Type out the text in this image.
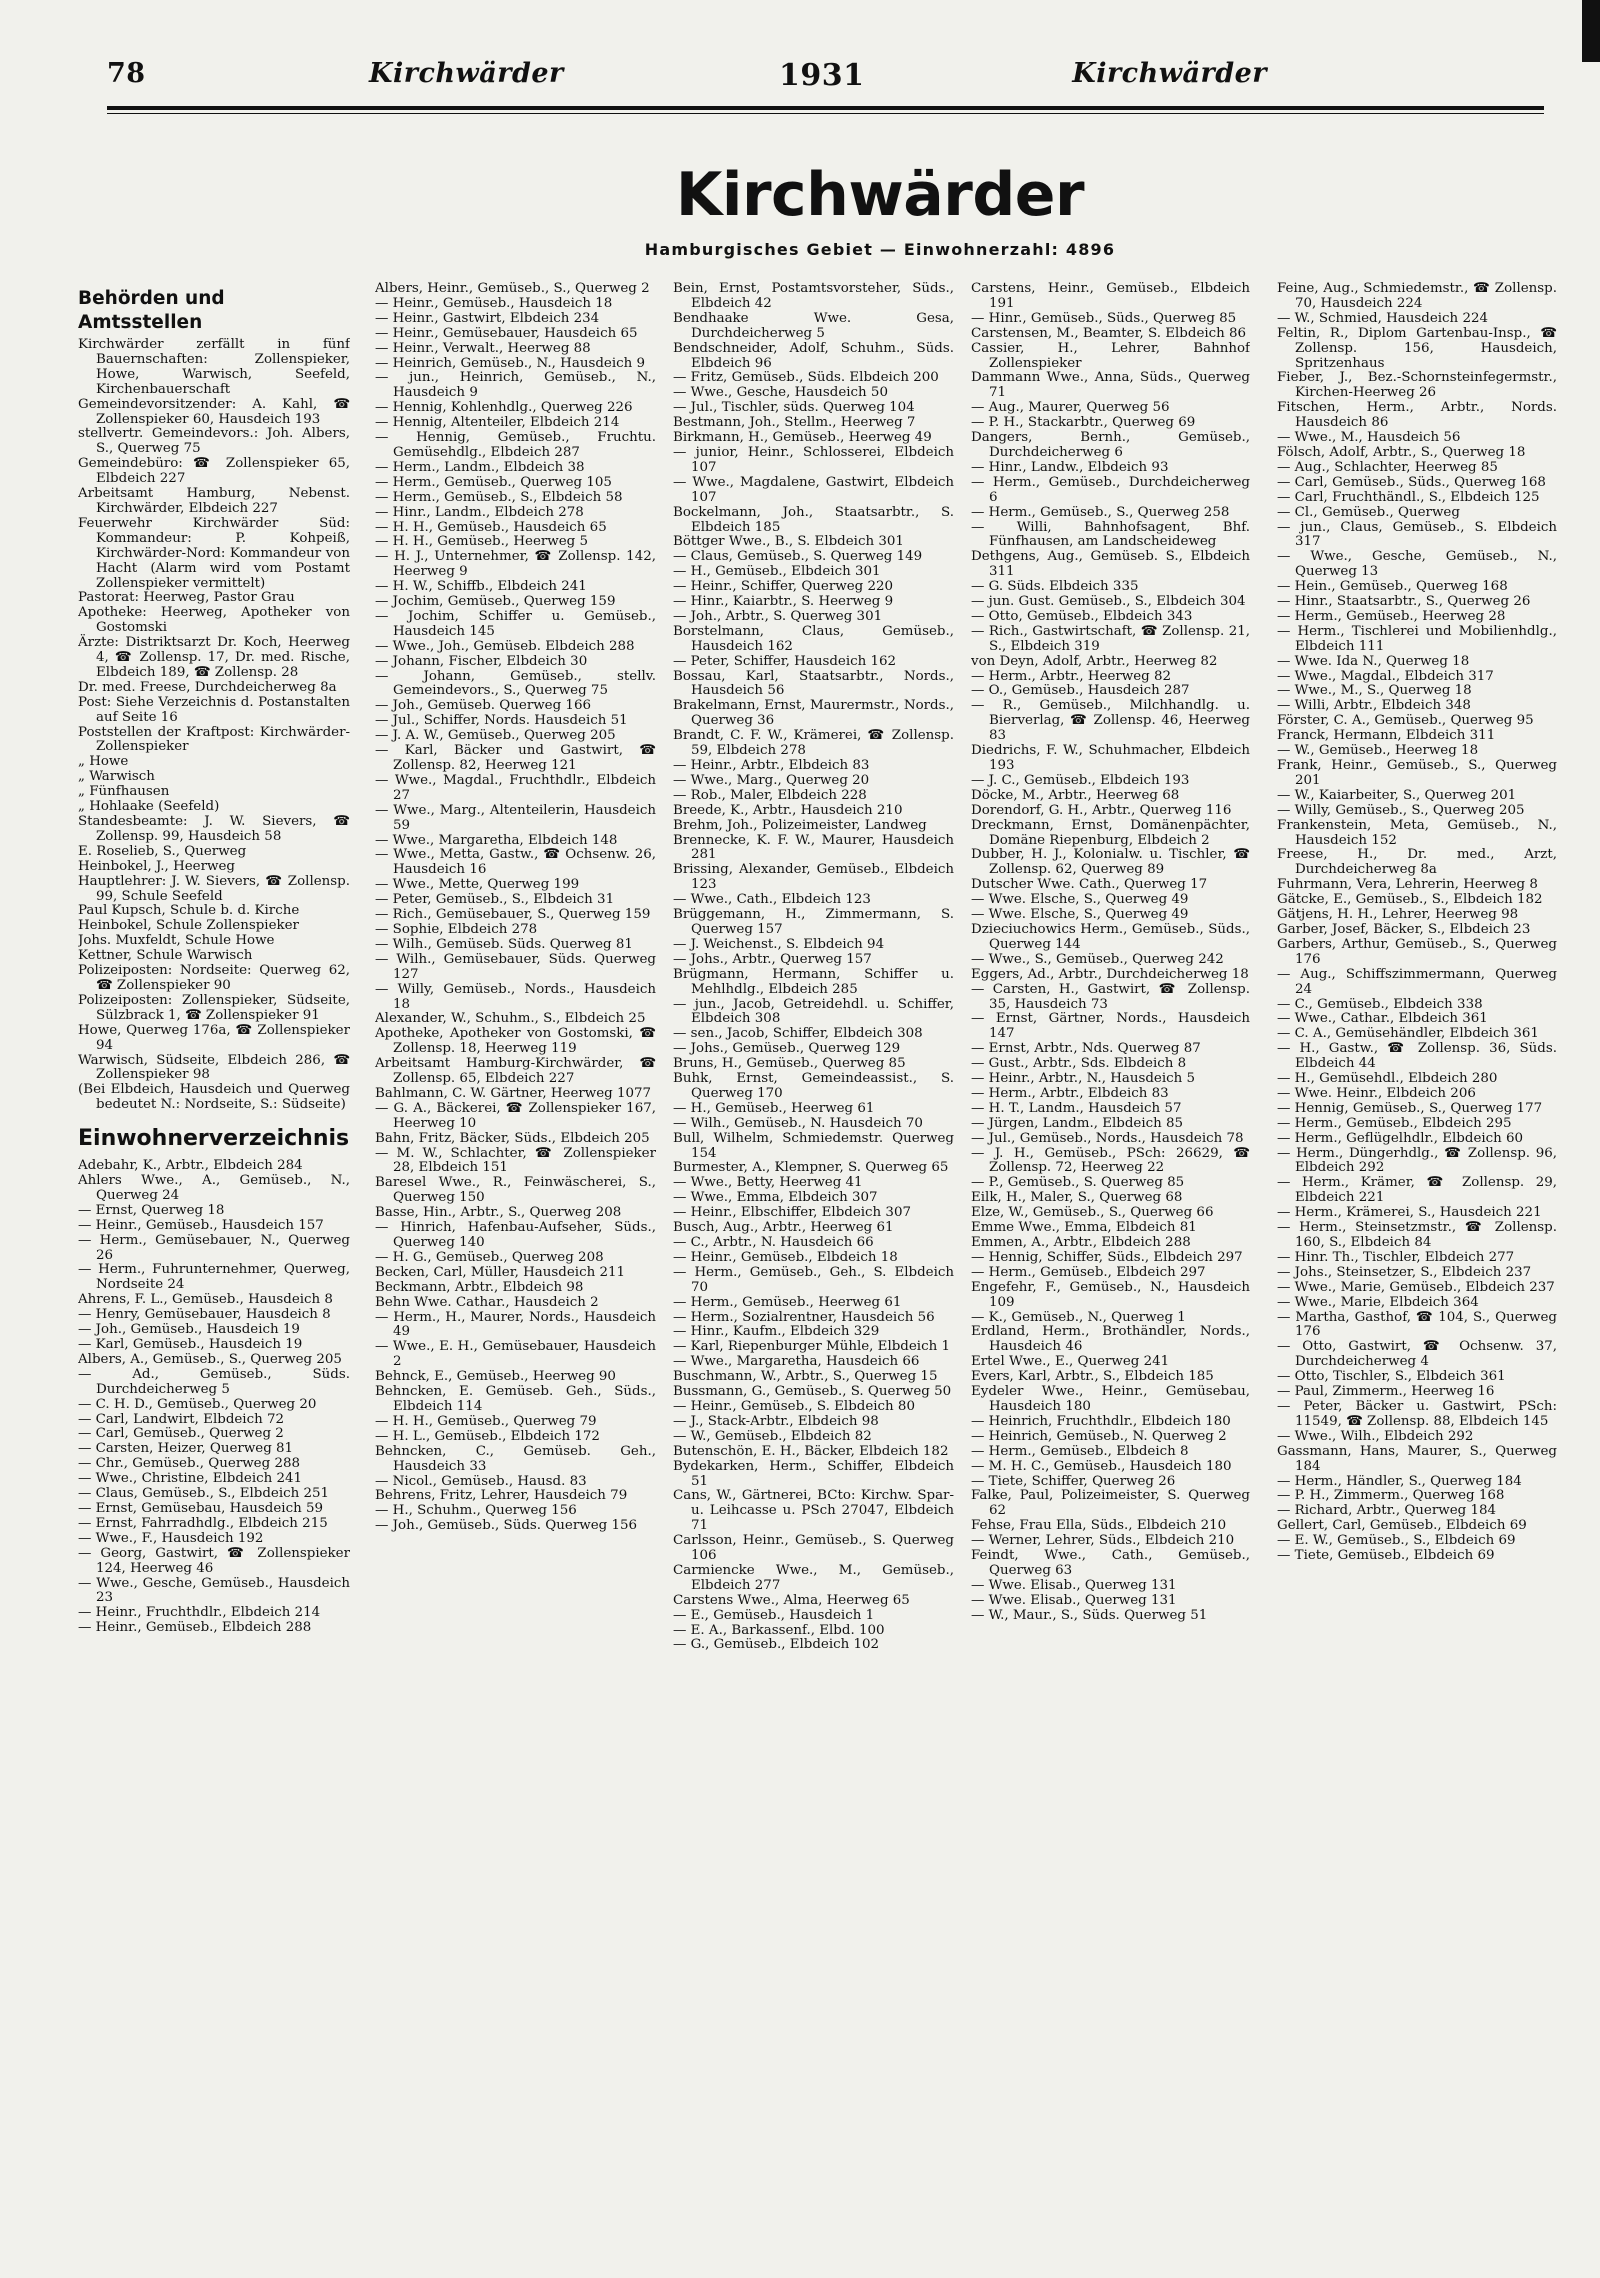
78	Kirchwärder	1931	Kirchwärder
Kirchwärder
Hamburgisches Gebiet — Einwohnerzahl: 4896
Behörden und Amtsstellen
Kirchwärder zerfällt in fünf Bauernschaften: Zollenspieker, Howe, Warwisch, Seefeld, Kirchenbauerschaft
Gemeindevorsitzender: A. Kahl, ☎ Zollenspieker 60, Hausdeich 193
stellvertr. Gemeindevors.: Joh. Albers, S., Querweg 75
Gemeindebüro: ☎ Zollenspieker 65, Elbdeich 227
Arbeitsamt Hamburg, Nebenst. Kirchwärder, Elbdeich 227
Feuerwehr Kirchwärder Süd: Kommandeur: P. Kohpeiß, Kirchwärder-Nord: Kommandeur von Hacht (Alarm wird vom Postamt Zollenspieker vermittelt)
Pastorat: Heerweg, Pastor Grau
Apotheke: Heerweg, Apotheker von Gostomski
Ärzte: Distriktsarzt Dr. Koch, Heerweg 4, ☎ Zollensp. 17, Dr. med. Rische, Elbdeich 189, ☎ Zollensp. 28
Dr. med. Freese, Durchdeicherweg 8a
Post: Siehe Verzeichnis d. Postanstalten auf Seite 16
Poststellen der Kraftpost: Kirchwärder-Zollenspieker
„ Howe
„ Warwisch
„ Fünfhausen
„ Hohlaake (Seefeld)
Standesbeamte: J. W. Sievers, ☎ Zollensp. 99, Hausdeich 58
E. Roselieb, S., Querweg
Heinbokel, J., Heerweg
Hauptlehrer: J. W. Sievers, ☎ Zollensp. 99, Schule Seefeld
Paul Kupsch, Schule b. d. Kirche
Heinbokel, Schule Zollenspieker
Johs. Muxfeldt, Schule Howe
Kettner, Schule Warwisch
Polizeiposten: Nordseite: Querweg 62, ☎ Zollenspieker 90
Polizeiposten: Zollenspieker, Südseite, Sülzbrack 1, ☎ Zollenspieker 91
Howe, Querweg 176a, ☎ Zollenspieker 94
Warwisch, Südseite, Elbdeich 286, ☎ Zollenspieker 98
(Bei Elbdeich, Hausdeich und Querweg bedeutet N.: Nordseite, S.: Südseite)
Einwohnerverzeichnis
Adebahr, K., Arbtr., Elbdeich 284
Ahlers Wwe., A., Gemüseb., N., Querweg 24
— Ernst, Querweg 18
— Heinr., Gemüseb., Hausdeich 157
— Herm., Gemüsebauer, N., Querweg 26
— Herm., Fuhrunternehmer, Querweg, Nordseite 24
Ahrens, F. L., Gemüseb., Hausdeich 8
— Henry, Gemüsebauer, Hausdeich 8
— Joh., Gemüseb., Hausdeich 19
— Karl, Gemüseb., Hausdeich 19
Albers, A., Gemüseb., S., Querweg 205
— Ad., Gemüseb., Süds. Durchdeicherweg 5
— C. H. D., Gemüseb., Querweg 20
— Carl, Landwirt, Elbdeich 72
— Carl, Gemüseb., Querweg 2
— Carsten, Heizer, Querweg 81
— Chr., Gemüseb., Querweg 288
— Wwe., Christine, Elbdeich 241
— Claus, Gemüseb., S., Elbdeich 251
— Ernst, Gemüsebau, Hausdeich 59
— Ernst, Fahrradhdlg., Elbdeich 215
— Wwe., F., Hausdeich 192
— Georg, Gastwirt, ☎ Zollenspieker 124, Heerweg 46
— Wwe., Gesche, Gemüseb., Hausdeich 23
— Heinr., Fruchthdlr., Elbdeich 214
— Heinr., Gemüseb., Elbdeich 288
Albers, Heinr., Gemüseb., S., Querweg 2
— Heinr., Gemüseb., Hausdeich 18
— Heinr., Gastwirt, Elbdeich 234
— Heinr., Gemüsebauer, Hausdeich 65
— Heinr., Verwalt., Heerweg 88
— Heinrich, Gemüseb., N., Hausdeich 9
— jun., Heinrich, Gemüseb., N., Hausdeich 9
— Hennig, Kohlenhdlg., Querweg 226
— Hennig, Altenteiler, Elbdeich 214
— Hennig, Gemüseb., Fruchtu. Gemüsehdlg., Elbdeich 287
— Herm., Landm., Elbdeich 38
— Herm., Gemüseb., Querweg 105
— Herm., Gemüseb., S., Elbdeich 58
— Hinr., Landm., Elbdeich 278
— H. H., Gemüseb., Hausdeich 65
— H. H., Gemüseb., Heerweg 5
— H. J., Unternehmer, ☎ Zollensp. 142, Heerweg 9
— H. W., Schiffb., Elbdeich 241
— Jochim, Gemüseb., Querweg 159
— Jochim, Schiffer u. Gemüseb., Hausdeich 145
— Wwe., Joh., Gemüseb. Elbdeich 288
— Johann, Fischer, Elbdeich 30
— Johann, Gemüseb., stellv. Gemeindevors., S., Querweg 75
— Joh., Gemüseb. Querweg 166
— Jul., Schiffer, Nords. Hausdeich 51
— J. A. W., Gemüseb., Querweg 205
— Karl, Bäcker und Gastwirt, ☎ Zollensp. 82, Heerweg 121
— Wwe., Magdal., Fruchthdlr., Elbdeich 27
— Wwe., Marg., Altenteilerin, Hausdeich 59
— Wwe., Margaretha, Elbdeich 148
— Wwe., Metta, Gastw., ☎ Ochsenw. 26, Hausdeich 16
— Wwe., Mette, Querweg 199
— Peter, Gemüseb., S., Elbdeich 31
— Rich., Gemüsebauer, S., Querweg 159
— Sophie, Elbdeich 278
— Wilh., Gemüseb. Süds. Querweg 81
— Wilh., Gemüsebauer, Süds. Querweg 127
— Willy, Gemüseb., Nords., Hausdeich 18
Alexander, W., Schuhm., S., Elbdeich 25
Apotheke, Apotheker von Gostomski, ☎ Zollensp. 18, Heerweg 119
Arbeitsamt Hamburg-Kirchwärder, ☎ Zollensp. 65, Elbdeich 227
Bahlmann, C. W. Gärtner, Heerweg 1077
— G. A., Bäckerei, ☎ Zollenspieker 167, Heerweg 10
Bahn, Fritz, Bäcker, Süds., Elbdeich 205
— M. W., Schlachter, ☎ Zollenspieker 28, Elbdeich 151
Baresel Wwe., R., Feinwäscherei, S., Querweg 150
Basse, Hin., Arbtr., S., Querweg 208
— Hinrich, Hafenbau-Aufseher, Süds., Querweg 140
— H. G., Gemüseb., Querweg 208
Becken, Carl, Müller, Hausdeich 211
Beckmann, Arbtr., Elbdeich 98
Behn Wwe. Cathar., Hausdeich 2
— Herm., H., Maurer, Nords., Hausdeich 49
— Wwe., E. H., Gemüsebauer, Hausdeich 2
Behnck, E., Gemüseb., Heerweg 90
Behncken, E. Gemüseb. Geh., Süds., Elbdeich 114
— H. H., Gemüseb., Querweg 79
— H. L., Gemüseb., Elbdeich 172
Behncken, C., Gemüseb. Geh., Hausdeich 33
— Nicol., Gemüseb., Hausd. 83
Behrens, Fritz, Lehrer, Hausdeich 79
— H., Schuhm., Querweg 156
— Joh., Gemüseb., Süds. Querweg 156
Bein, Ernst, Postamtsvorsteher, Süds., Elbdeich 42
Bendhaake Wwe. Gesa, Durchdeicherweg 5
Bendschneider, Adolf, Schuhm., Süds. Elbdeich 96
— Fritz, Gemüseb., Süds. Elbdeich 200
— Wwe., Gesche, Hausdeich 50
— Jul., Tischler, süds. Querweg 104
Bestmann, Joh., Stellm., Heerweg 7
Birkmann, H., Gemüseb., Heerweg 49
— junior, Heinr., Schlosserei, Elbdeich 107
— Wwe., Magdalene, Gastwirt, Elbdeich 107
Bockelmann, Joh., Staatsarbtr., S. Elbdeich 185
Böttger Wwe., B., S. Elbdeich 301
— Claus, Gemüseb., S. Querweg 149
— H., Gemüseb., Elbdeich 301
— Heinr., Schiffer, Querweg 220
— Hinr., Kaiarbtr., S. Heerweg 9
— Joh., Arbtr., S. Querweg 301
Borstelmann, Claus, Gemüseb., Hausdeich 162
— Peter, Schiffer, Hausdeich 162
Bossau, Karl, Staatsarbtr., Nords., Hausdeich 56
Brakelmann, Ernst, Maurermstr., Nords., Querweg 36
Brandt, C. F. W., Krämerei, ☎ Zollensp. 59, Elbdeich 278
— Heinr., Arbtr., Elbdeich 83
— Wwe., Marg., Querweg 20
— Rob., Maler, Elbdeich 228
Breede, K., Arbtr., Hausdeich 210
Brehm, Joh., Polizeimeister, Landweg
Brennecke, K. F. W., Maurer, Hausdeich 281
Brissing, Alexander, Gemüseb., Elbdeich 123
— Wwe., Cath., Elbdeich 123
Brüggemann, H., Zimmermann, S. Querweg 157
— J. Weichenst., S. Elbdeich 94
— Johs., Arbtr., Querweg 157
Brügmann, Hermann, Schiffer u. Mehlhdlg., Elbdeich 285
— jun., Jacob, Getreidehdl. u. Schiffer, Elbdeich 308
— sen., Jacob, Schiffer, Elbdeich 308
— Johs., Gemüseb., Querweg 129
Bruns, H., Gemüseb., Querweg 85
Buhk, Ernst, Gemeindeassist., S. Querweg 170
— H., Gemüseb., Heerweg 61
— Wilh., Gemüseb., N. Hausdeich 70
Bull, Wilhelm, Schmiedemstr. Querweg 154
Burmester, A., Klempner, S. Querweg 65
— Wwe., Betty, Heerweg 41
— Wwe., Emma, Elbdeich 307
— Heinr., Elbschiffer, Elbdeich 307
Busch, Aug., Arbtr., Heerweg 61
— C., Arbtr., N. Hausdeich 66
— Heinr., Gemüseb., Elbdeich 18
— Herm., Gemüseb., Geh., S. Elbdeich 70
— Herm., Gemüseb., Heerweg 61
— Herm., Sozialrentner, Hausdeich 56
— Hinr., Kaufm., Elbdeich 329
— Karl, Riepenburger Mühle, Elbdeich 1
— Wwe., Margaretha, Hausdeich 66
Buschmann, W., Arbtr., S., Querweg 15
Bussmann, G., Gemüseb., S. Querweg 50
— Heinr., Gemüseb., S. Elbdeich 80
— J., Stack-Arbtr., Elbdeich 98
— W., Gemüseb., Elbdeich 82
Butenschön, E. H., Bäcker, Elbdeich 182
Bydekarken, Herm., Schiffer, Elbdeich 51
Cans, W., Gärtnerei, BCto: Kirchw. Spar- u. Leihcasse u. PSch 27047, Elbdeich 71
Carlsson, Heinr., Gemüseb., S. Querweg 106
Carmiencke Wwe., M., Gemüseb., Elbdeich 277
Carstens Wwe., Alma, Heerweg 65
— E., Gemüseb., Hausdeich 1
— E. A., Barkassenf., Elbd. 100
— G., Gemüseb., Elbdeich 102
Carstens, Heinr., Gemüseb., Elbdeich 191
— Hinr., Gemüseb., Süds., Querweg 85
Carstensen, M., Beamter, S. Elbdeich 86
Cassier, H., Lehrer, Bahnhof Zollenspieker
Dammann Wwe., Anna, Süds., Querweg 71
— Aug., Maurer, Querweg 56
— P. H., Stackarbtr., Querweg 69
Dangers, Bernh., Gemüseb., Durchdeicherweg 6
— Hinr., Landw., Elbdeich 93
— Herm., Gemüseb., Durchdeicherweg 6
— Herm., Gemüseb., S., Querweg 258
— Willi, Bahnhofsagent, Bhf. Fünfhausen, am Landscheideweg
Dethgens, Aug., Gemüseb. S., Elbdeich 311
— G. Süds. Elbdeich 335
— jun. Gust. Gemüseb., S., Elbdeich 304
— Otto, Gemüseb., Elbdeich 343
— Rich., Gastwirtschaft, ☎ Zollensp. 21, S., Elbdeich 319
von Deyn, Adolf, Arbtr., Heerweg 82
— Herm., Arbtr., Heerweg 82
— O., Gemüseb., Hausdeich 287
— R., Gemüseb., Milchhandlg. u. Bierverlag, ☎ Zollensp. 46, Heerweg 83
Diedrichs, F. W., Schuhmacher, Elbdeich 193
— J. C., Gemüseb., Elbdeich 193
Döcke, M., Arbtr., Heerweg 68
Dorendorf, G. H., Arbtr., Querweg 116
Dreckmann, Ernst, Domänenpächter, Domäne Riepenburg, Elbdeich 2
Dubber, H. J., Kolonialw. u. Tischler, ☎ Zollensp. 62, Querweg 89
Dutscher Wwe. Cath., Querweg 17
— Wwe. Elsche, S., Querweg 49
— Wwe. Elsche, S., Querweg 49
Dzieciuchowics Herm., Gemüseb., Süds., Querweg 144
— Wwe., S., Gemüseb., Querweg 242
Eggers, Ad., Arbtr., Durchdeicherweg 18
— Carsten, H., Gastwirt, ☎ Zollensp. 35, Hausdeich 73
— Ernst, Gärtner, Nords., Hausdeich 147
— Ernst, Arbtr., Nds. Querweg 87
— Gust., Arbtr., Sds. Elbdeich 8
— Heinr., Arbtr., N., Hausdeich 5
— Herm., Arbtr., Elbdeich 83
— H. T., Landm., Hausdeich 57
— Jürgen, Landm., Elbdeich 85
— Jul., Gemüseb., Nords., Hausdeich 78
— J. H., Gemüseb., PSch: 26629, ☎ Zollensp. 72, Heerweg 22
— P., Gemüseb., S. Querweg 85
Eilk, H., Maler, S., Querweg 68
Elze, W., Gemüseb., S., Querweg 66
Emme Wwe., Emma, Elbdeich 81
Emmen, A., Arbtr., Elbdeich 288
— Hennig, Schiffer, Süds., Elbdeich 297
— Herm., Gemüseb., Elbdeich 297
Engefehr, F., Gemüseb., N., Hausdeich 109
— K., Gemüseb., N., Querweg 1
Erdland, Herm., Brothändler, Nords., Hausdeich 46
Ertel Wwe., E., Querweg 241
Evers, Karl, Arbtr., S., Elbdeich 185
Eydeler Wwe., Heinr., Gemüsebau, Hausdeich 180
— Heinrich, Fruchthdlr., Elbdeich 180
— Heinrich, Gemüseb., N. Querweg 2
— Herm., Gemüseb., Elbdeich 8
— M. H. C., Gemüseb., Hausdeich 180
— Tiete, Schiffer, Querweg 26
Falke, Paul, Polizeimeister, S. Querweg 62
Fehse, Frau Ella, Süds., Elbdeich 210
— Werner, Lehrer, Süds., Elbdeich 210
Feindt, Wwe., Cath., Gemüseb., Querweg 63
— Wwe. Elisab., Querweg 131
— Wwe. Elisab., Querweg 131
— W., Maur., S., Süds. Querweg 51
Feine, Aug., Schmiedemstr., ☎ Zollensp. 70, Hausdeich 224
— W., Schmied, Hausdeich 224
Feltin, R., Diplom Gartenbau-Insp., ☎ Zollensp. 156, Hausdeich, Spritzenhaus
Fieber, J., Bez.-Schornsteinfegermstr., Kirchen-Heerweg 26
Fitschen, Herm., Arbtr., Nords. Hausdeich 86
— Wwe., M., Hausdeich 56
Fölsch, Adolf, Arbtr., S., Querweg 18
— Aug., Schlachter, Heerweg 85
— Carl, Gemüseb., Süds., Querweg 168
— Carl, Fruchthändl., S., Elbdeich 125
— Cl., Gemüseb., Querweg
— jun., Claus, Gemüseb., S. Elbdeich 317
— Wwe., Gesche, Gemüseb., N., Querweg 13
— Hein., Gemüseb., Querweg 168
— Hinr., Staatsarbtr., S., Querweg 26
— Herm., Gemüseb., Heerweg 28
— Herm., Tischlerei und Mobilienhdlg., Elbdeich 111
— Wwe. Ida N., Querweg 18
— Wwe., Magdal., Elbdeich 317
— Wwe., M., S., Querweg 18
— Willi, Arbtr., Elbdeich 348
Förster, C. A., Gemüseb., Querweg 95
Franck, Hermann, Elbdeich 311
— W., Gemüseb., Heerweg 18
Frank, Heinr., Gemüseb., S., Querweg 201
— W., Kaiarbeiter, S., Querweg 201
— Willy, Gemüseb., S., Querweg 205
Frankenstein, Meta, Gemüseb., N., Hausdeich 152
Freese, H., Dr. med., Arzt, Durchdeicherweg 8a
Fuhrmann, Vera, Lehrerin, Heerweg 8
Gätcke, E., Gemüseb., S., Elbdeich 182
Gätjens, H. H., Lehrer, Heerweg 98
Garber, Josef, Bäcker, S., Elbdeich 23
Garbers, Arthur, Gemüseb., S., Querweg 176
— Aug., Schiffszimmermann, Querweg 24
— C., Gemüseb., Elbdeich 338
— Wwe., Cathar., Elbdeich 361
— C. A., Gemüsehändler, Elbdeich 361
— H., Gastw., ☎ Zollensp. 36, Süds. Elbdeich 44
— H., Gemüsehdl., Elbdeich 280
— Wwe. Heinr., Elbdeich 206
— Hennig, Gemüseb., S., Querweg 177
— Herm., Gemüseb., Elbdeich 295
— Herm., Geflügelhdlr., Elbdeich 60
— Herm., Düngerhdlg., ☎ Zollensp. 96, Elbdeich 292
— Herm., Krämer, ☎ Zollensp. 29, Elbdeich 221
— Herm., Krämerei, S., Hausdeich 221
— Herm., Steinsetzmstr., ☎ Zollensp. 160, S., Elbdeich 84
— Hinr. Th., Tischler, Elbdeich 277
— Johs., Steinsetzer, S., Elbdeich 237
— Wwe., Marie, Gemüseb., Elbdeich 237
— Wwe., Marie, Elbdeich 364
— Martha, Gasthof, ☎ 104, S., Querweg 176
— Otto, Gastwirt, ☎ Ochsenw. 37, Durchdeicherweg 4
— Otto, Tischler, S., Elbdeich 361
— Paul, Zimmerm., Heerweg 16
— Peter, Bäcker u. Gastwirt, PSch: 11549, ☎ Zollensp. 88, Elbdeich 145
— Wwe., Wilh., Elbdeich 292
Gassmann, Hans, Maurer, S., Querweg 184
— Herm., Händler, S., Querweg 184
— P. H., Zimmerm., Querweg 168
— Richard, Arbtr., Querweg 184
Gellert, Carl, Gemüseb., Elbdeich 69
— E. W., Gemüseb., S., Elbdeich 69
— Tiete, Gemüseb., Elbdeich 69
